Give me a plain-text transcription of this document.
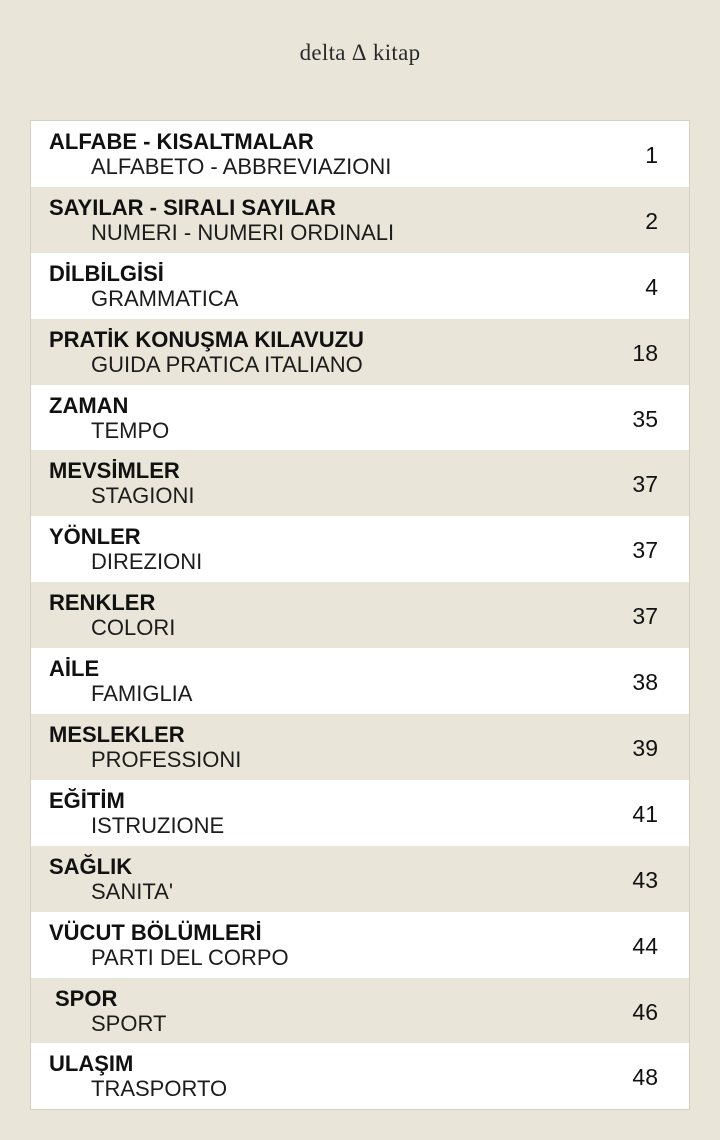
delta Δ kitap
ALFABE - KISALTMALAR
ALFABETO - ABBREVIAZIONI	1
SAYILAR - SIRALI SAYILAR
NUMERI - NUMERI ORDINALI	2
DİLBİLGİSİ
GRAMMATICA	4
PRATİK KONUŞMA KILAVUZU
GUIDA PRATICA ITALIANO	18
ZAMAN
TEMPO	35
MEVSİMLER
STAGIONI	37
YÖNLER
DIREZIONI	37
RENKLER
COLORI	37
AİLE
FAMIGLIA	38
MESLEKLER
PROFESSIONI	39
EĞİTİM
ISTRUZIONE	41
SAĞLIK
SANITA'	43
VÜCUT BÖLÜMLERİ
PARTI DEL CORPO	44
SPOR
SPORT	46
ULAŞIM
TRASPORTO	48
